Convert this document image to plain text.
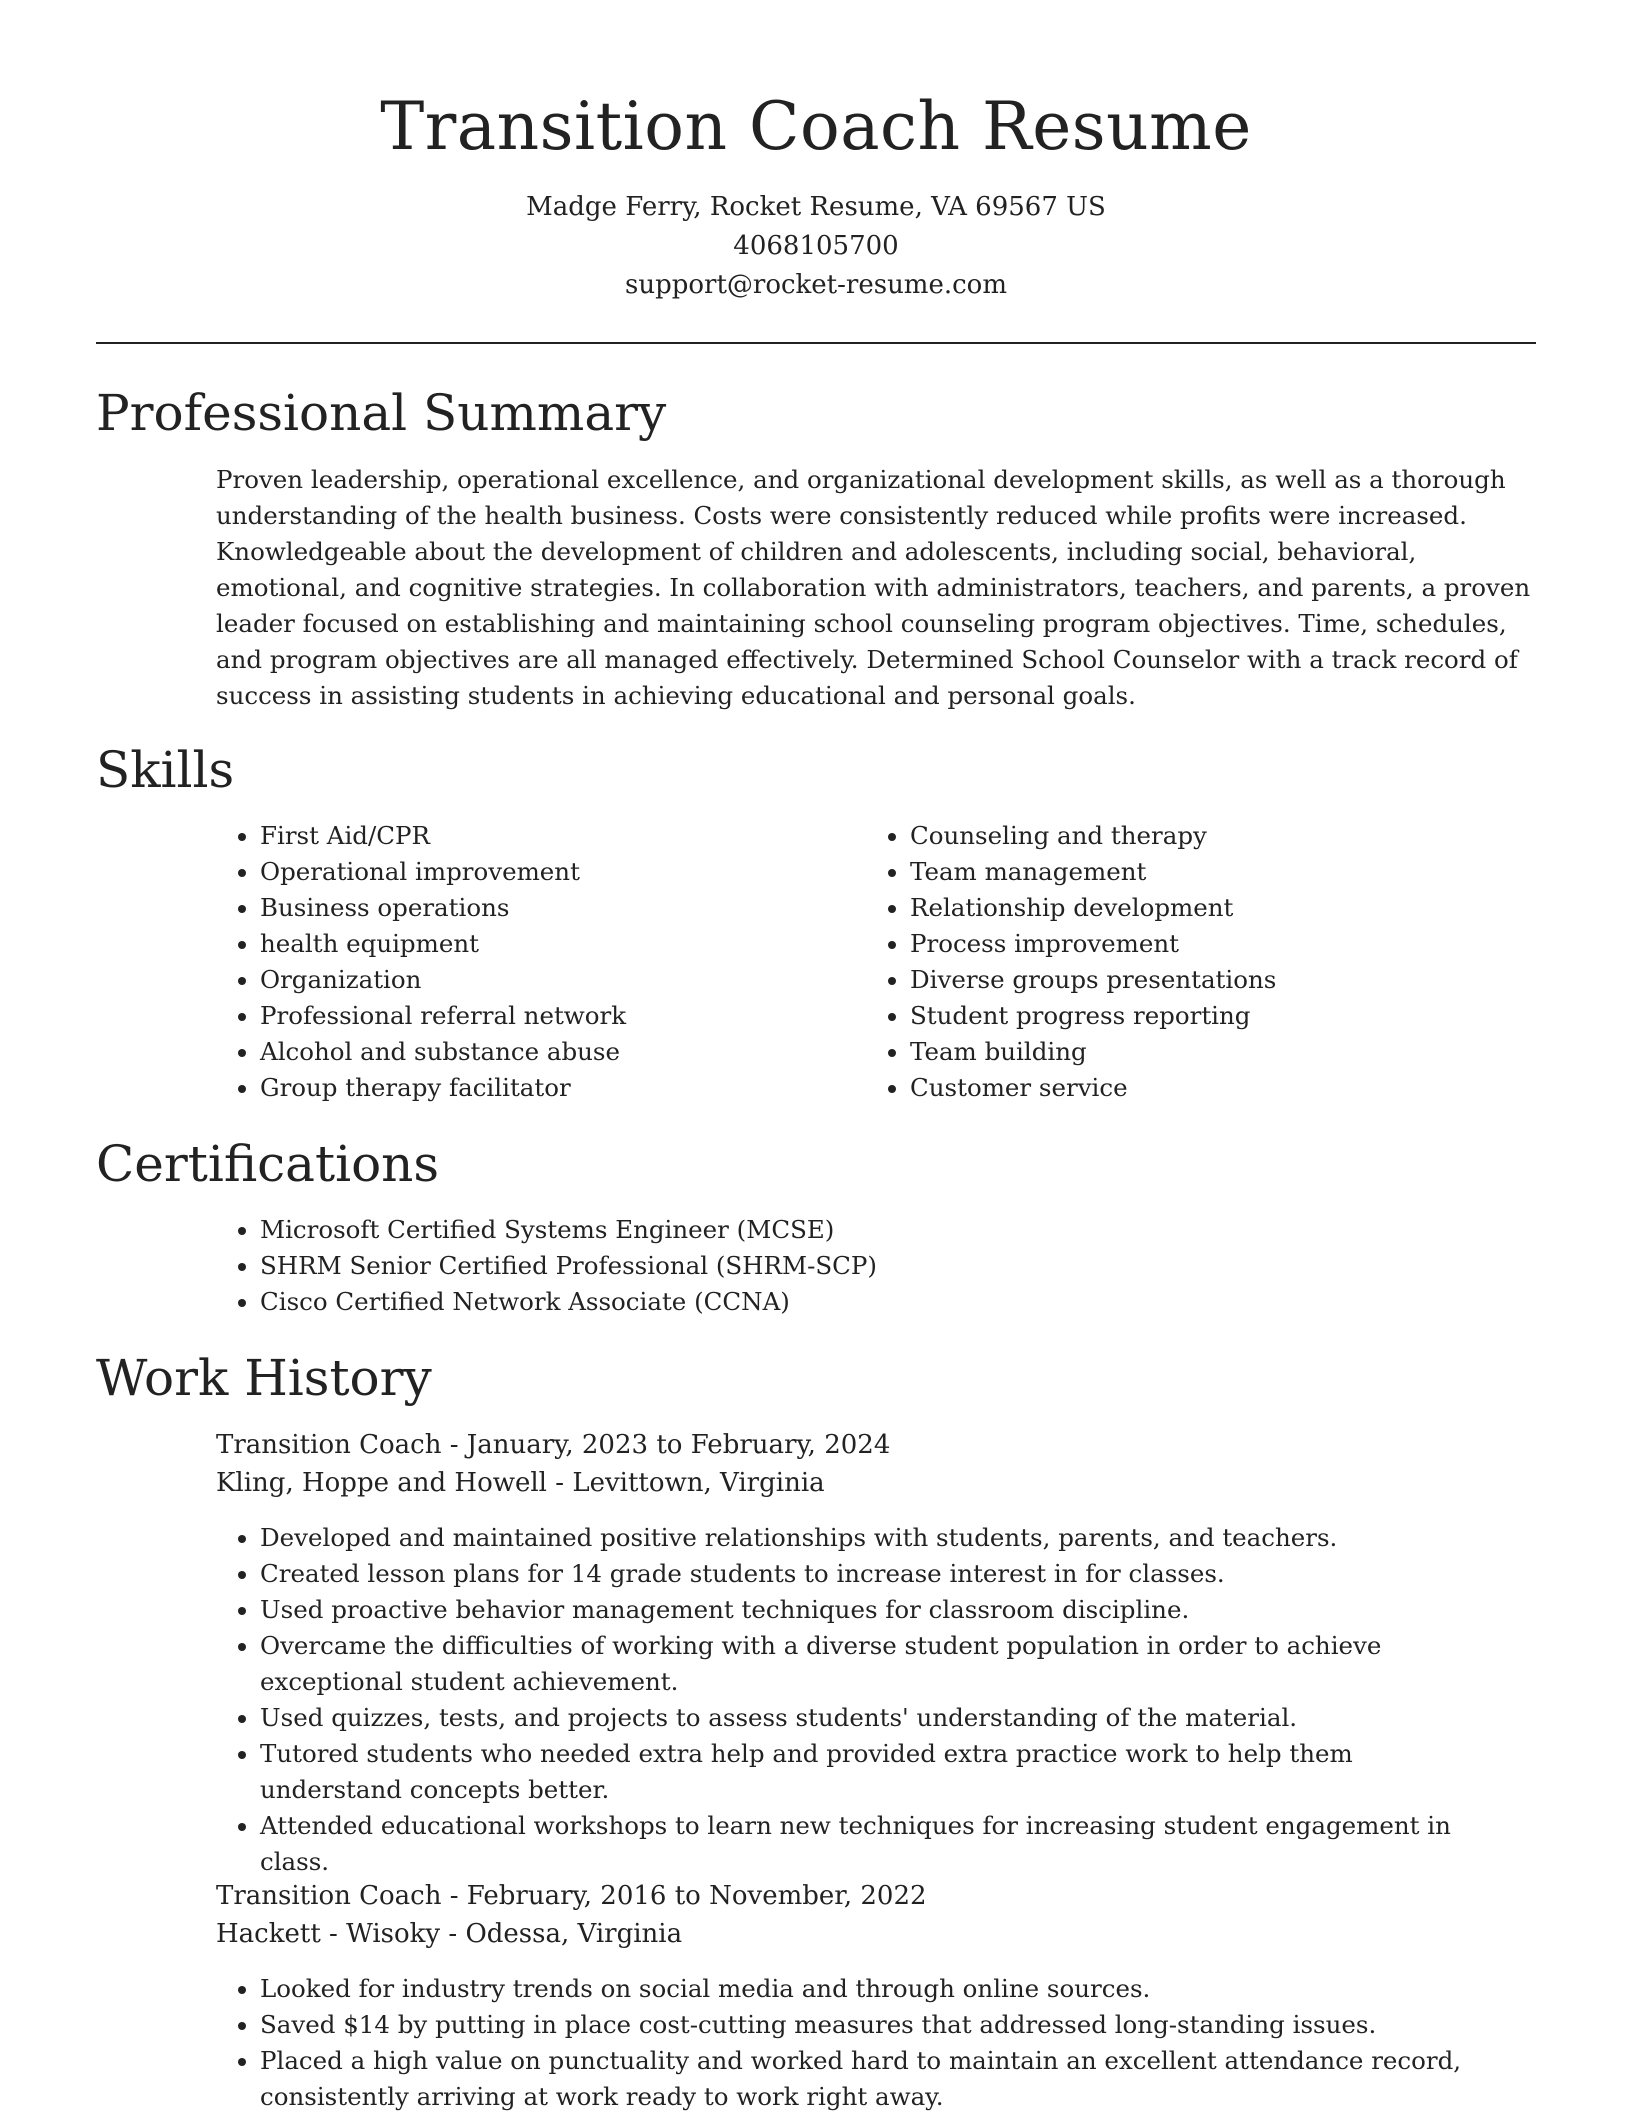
Transition Coach Resume
Madge Ferry, Rocket Resume, VA 69567 US
4068105700
support@rocket-resume.com
Professional Summary

Proven leadership, operational excellence, and organizational development skills, as well as a thorough understanding of the health business. Costs were consistently reduced while profits were increased. Knowledgeable about the development of children and adolescents, including social, behavioral, emotional, and cognitive strategies. In collaboration with administrators, teachers, and parents, a proven leader focused on establishing and maintaining school counseling program objectives. Time, schedules, and program objectives are all managed effectively. Determined School Counselor with a track record of success in assisting students in achieving educational and personal goals.

Skills
• First Aid/CPR
• Operational improvement
• Business operations
• health equipment
• Organization
• Professional referral network
• Alcohol and substance abuse
• Group therapy facilitator
• Counseling and therapy
• Team management
• Relationship development
• Process improvement
• Diverse groups presentations
• Student progress reporting
• Team building
• Customer service
Certifications
• Microsoft Certified Systems Engineer (MCSE)
• SHRM Senior Certified Professional (SHRM-SCP)
• Cisco Certified Network Associate (CCNA)
Work History
Transition Coach - January, 2023 to February, 2024
Kling, Hoppe and Howell - Levittown, Virginia
• Developed and maintained positive relationships with students, parents, and teachers.
• Created lesson plans for 14 grade students to increase interest in for classes.
• Used proactive behavior management techniques for classroom discipline.
• Overcame the difficulties of working with a diverse student population in order to achieve exceptional student achievement.
• Used quizzes, tests, and projects to assess students' understanding of the material.
• Tutored students who needed extra help and provided extra practice work to help them understand concepts better.
• Attended educational workshops to learn new techniques for increasing student engagement in class.
Transition Coach - February, 2016 to November, 2022
Hackett - Wisoky - Odessa, Virginia
• Looked for industry trends on social media and through online sources.
• Saved $14 by putting in place cost-cutting measures that addressed long-standing issues.
• Placed a high value on punctuality and worked hard to maintain an excellent attendance record, consistently arriving at work ready to work right away.
